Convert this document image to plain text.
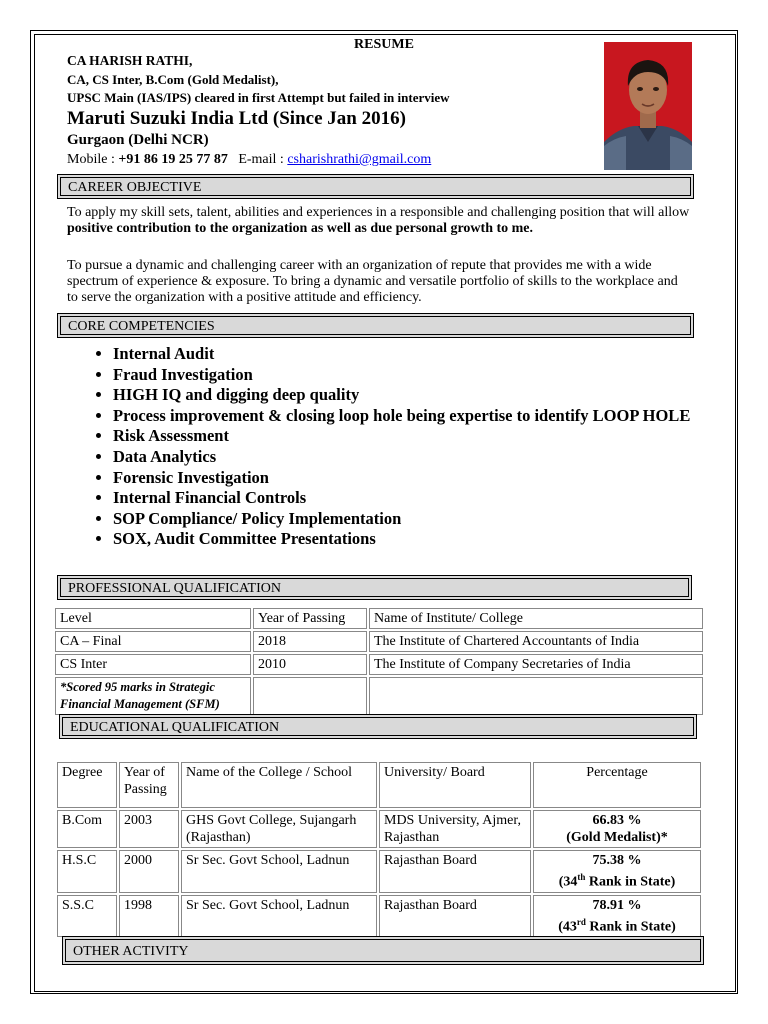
RESUME
CA HARISH RATHI,
CA, CS Inter, B.Com (Gold Medalist),
UPSC Main (IAS/IPS) cleared in first Attempt but failed in interview
Maruti Suzuki India Ltd (Since Jan 2016)
Gurgaon (Delhi NCR)
Mobile : +91 86 19 25 77 87 E-mail : csharishrathi@gmail.com
CAREER OBJECTIVE
To apply my skill sets, talent, abilities and experiences in a responsible and challenging position that will allow positive contribution to the organization as well as due personal growth to me.
To pursue a dynamic and challenging career with an organization of repute that provides me with a wide spectrum of experience & exposure. To bring a dynamic and versatile portfolio of skills to the workplace and to serve the organization with a positive attitude and efficiency.
CORE COMPETENCIES
• Internal Audit
• Fraud Investigation
• HIGH IQ and digging deep quality
• Process improvement & closing loop hole being expertise to identify LOOP HOLE
• Risk Assessment
• Data Analytics
• Forensic Investigation
• Internal Financial Controls
• SOP Compliance/ Policy Implementation
• SOX, Audit Committee Presentations
PROFESSIONAL QUALIFICATION
Level	Year of Passing	Name of Institute/ College
CA – Final	2018	The Institute of Chartered Accountants of India
CS Inter	2010	The Institute of Company Secretaries of India
*Scored 95 marks in Strategic Financial Management (SFM)		
EDUCATIONAL QUALIFICATION
Degree	Year of Passing	Name of the College / School	University/ Board	Percentage
B.Com	2003	GHS Govt College, Sujangarh (Rajasthan)	MDS University, Ajmer, Rajasthan	66.83 %
(Gold Medalist)*

H.S.C	2000	Sr Sec. Govt School, Ladnun	Rajasthan Board	75.38 %
(34th Rank in State)

S.S.C	1998	Sr Sec. Govt School, Ladnun	Rajasthan Board	78.91 %
(43rd Rank in State)
OTHER ACTIVITY
